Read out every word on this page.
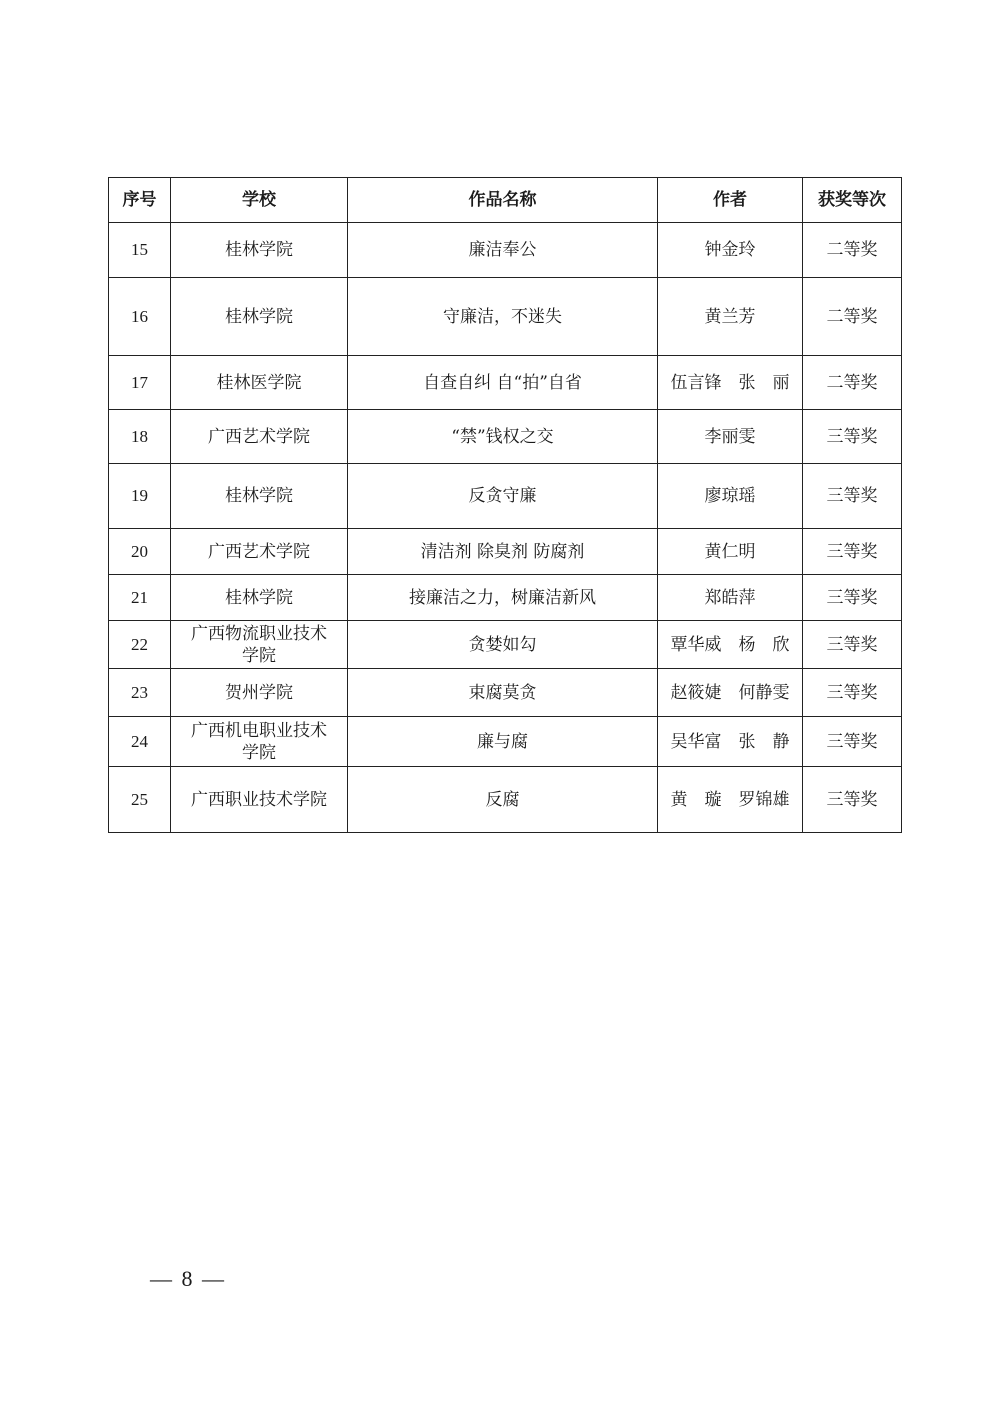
序号	学校	作品名称	作者	获奖等次
15	桂林学院	廉洁奉公	钟金玲	二等奖
16	桂林学院	守廉洁，不迷失	黄兰芳	二等奖
17	桂林医学院	自查自纠 自“拍”自省	伍言锋　张　丽	二等奖
18	广西艺术学院	“禁”钱权之交	李丽雯	三等奖
19	桂林学院	反贪守廉	廖琼瑶	三等奖
20	广西艺术学院	清洁剂 除臭剂 防腐剂	黄仁明	三等奖
21	桂林学院	接廉洁之力，树廉洁新风	郑皓萍	三等奖
22	广西物流职业技术学院	贪婪如勾	覃华威　杨　欣	三等奖
23	贺州学院	束腐莫贪	赵筱婕　何静雯	三等奖
24	广西机电职业技术学院	廉与腐	吴华富　张　静	三等奖
25	广西职业技术学院	反腐	黄　璇　罗锦雄	三等奖
— 8 —
